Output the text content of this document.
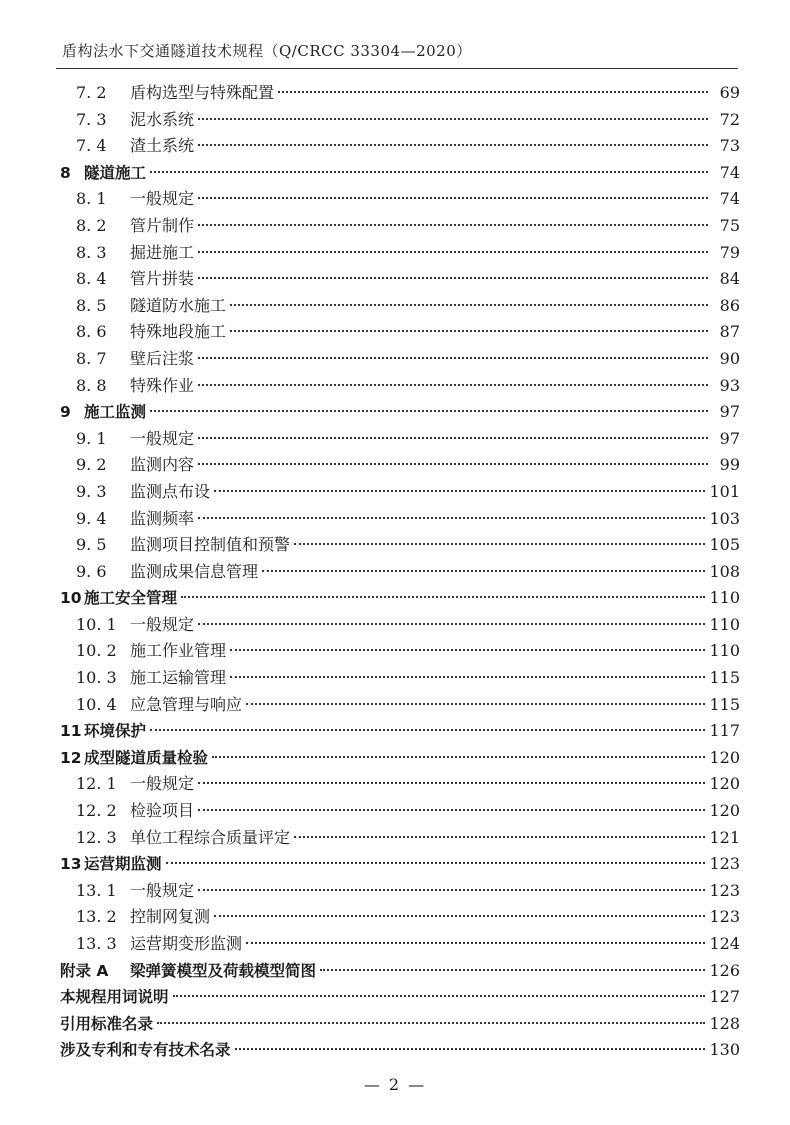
盾构法水下交通隧道技术规程（Q/CRCC 33304—2020）
7. 2	盾构选型与特殊配置	69
7. 3	泥水系统	72
7. 4	渣土系统	73
8 隧道施工	74
8. 1	一般规定	74
8. 2	管片制作	75
8. 3	掘进施工	79
8. 4	管片拼装	84
8. 5	隧道防水施工	86
8. 6	特殊地段施工	87
8. 7	壁后注浆	90
8. 8	特殊作业	93
9 施工监测	97
9. 1	一般规定	97
9. 2	监测内容	99
9. 3	监测点布设	101
9. 4	监测频率	103
9. 5	监测项目控制值和预警	105
9. 6	监测成果信息管理	108
10 施工安全管理	110
10. 1 一般规定	110
10. 2 施工作业管理	110
10. 3 施工运输管理	115
10. 4 应急管理与响应	115
11 环境保护	117
12 成型隧道质量检验	120
12. 1 一般规定	120
12. 2 检验项目	120
12. 3 单位工程综合质量评定	121
13 运营期监测	123
13. 1 一般规定	123
13. 2 控制网复测	123
13. 3 运营期变形监测	124
附录 A	梁弹簧模型及荷载模型简图	126
本规程用词说明	127
引用标准名录	128
涉及专利和专有技术名录	130
— 2 —
